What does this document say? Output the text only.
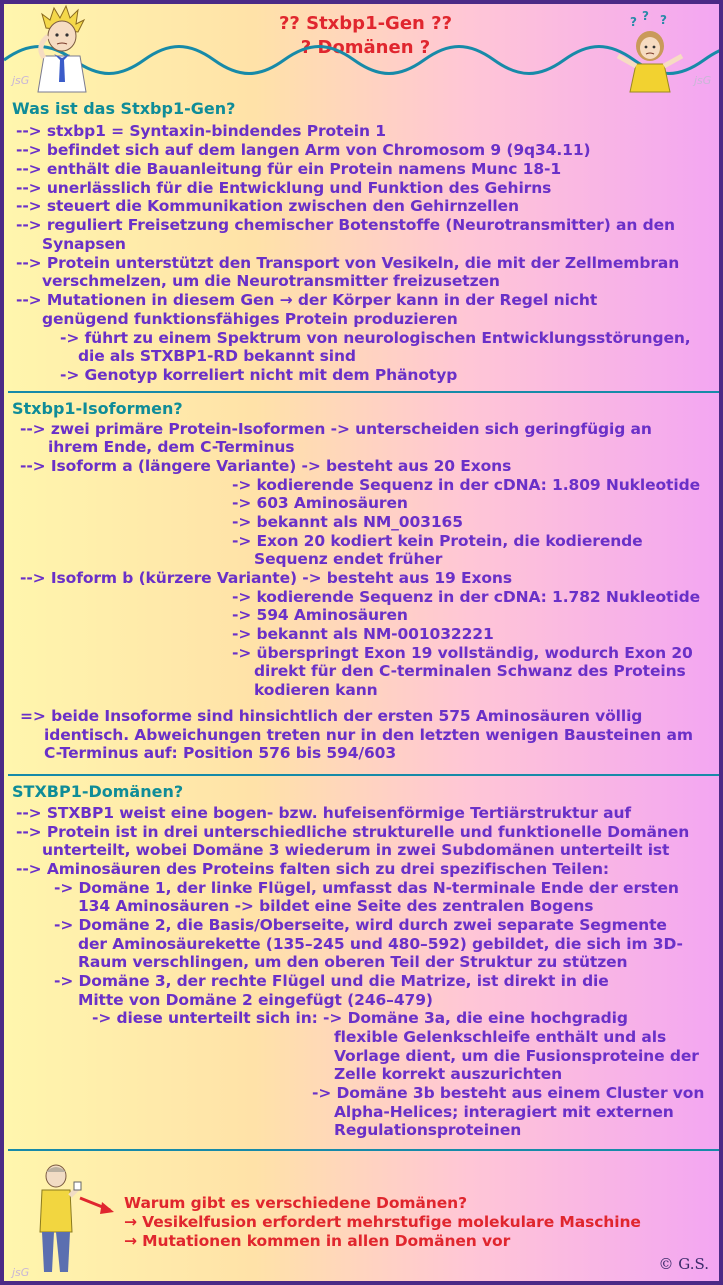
?? Stxbp1-Gen ??
? Domänen ?
jsG	jsG
? ? ?
Was ist das Stxbp1-Gen?
--> stxbp1 = Syntaxin-bindendes Protein 1
--> befindet sich auf dem langen Arm von Chromosom 9 (9q34.11)
--> enthält die Bauanleitung für ein Protein namens Munc 18-1
--> unerlässlich für die Entwicklung und Funktion des Gehirns
--> steuert die Kommunikation zwischen den Gehirnzellen
--> reguliert Freisetzung chemischer Botenstoffe (Neurotransmitter) an den
Synapsen
--> Protein unterstützt den Transport von Vesikeln, die mit der Zellmembran
verschmelzen, um die Neurotransmitter freizusetzen
--> Mutationen in diesem Gen → der Körper kann in der Regel nicht
genügend funktionsfähiges Protein produzieren
-> führt zu einem Spektrum von neurologischen Entwicklungsstörungen,
die als STXBP1-RD bekannt sind
-> Genotyp korreliert nicht mit dem Phänotyp
Stxbp1-Isoformen?
--> zwei primäre Protein-Isoformen -> unterscheiden sich geringfügig an
ihrem Ende, dem C-Terminus
--> Isoform a (längere Variante) -> besteht aus 20 Exons
-> kodierende Sequenz in der cDNA: 1.809 Nukleotide
-> 603 Aminosäuren
-> bekannt als NM_003165
-> Exon 20 kodiert kein Protein, die kodierende
Sequenz endet früher
--> Isoform b (kürzere Variante) -> besteht aus 19 Exons
-> kodierende Sequenz in der cDNA: 1.782 Nukleotide
-> 594 Aminosäuren
-> bekannt als NM-001032221
-> überspringt Exon 19 vollständig, wodurch Exon 20
direkt für den C-terminalen Schwanz des Proteins
kodieren kann
=> beide Insoforme sind hinsichtlich der ersten 575 Aminosäuren völlig
identisch. Abweichungen treten nur in den letzten wenigen Bausteinen am
C-Terminus auf: Position 576 bis 594/603
STXBP1-Domänen?
--> STXBP1 weist eine bogen- bzw. hufeisenförmige Tertiärstruktur auf
--> Protein ist in drei unterschiedliche strukturelle und funktionelle Domänen
unterteilt, wobei Domäne 3 wiederum in zwei Subdomänen unterteilt ist
--> Aminosäuren des Proteins falten sich zu drei spezifischen Teilen:
-> Domäne 1, der linke Flügel, umfasst das N-terminale Ende der ersten
134 Aminosäuren -> bildet eine Seite des zentralen Bogens
-> Domäne 2, die Basis/Oberseite, wird durch zwei separate Segmente
der Aminosäurekette (135–245 und 480–592) gebildet, die sich im 3D-
Raum verschlingen, um den oberen Teil der Struktur zu stützen
-> Domäne 3, der rechte Flügel und die Matrize, ist direkt in die
Mitte von Domäne 2 eingefügt (246–479)
-> diese unterteilt sich in: -> Domäne 3a, die eine hochgradig
flexible Gelenkschleife enthält und als
Vorlage dient, um die Fusionsproteine der
Zelle korrekt auszurichten
-> Domäne 3b besteht aus einem Cluster von
Alpha-Helices; interagiert mit externen
Regulationsproteinen
Warum gibt es verschiedene Domänen?
→ Vesikelfusion erfordert mehrstufige molekulare Maschine
→ Mutationen kommen in allen Domänen vor
jsG	© G.S.
